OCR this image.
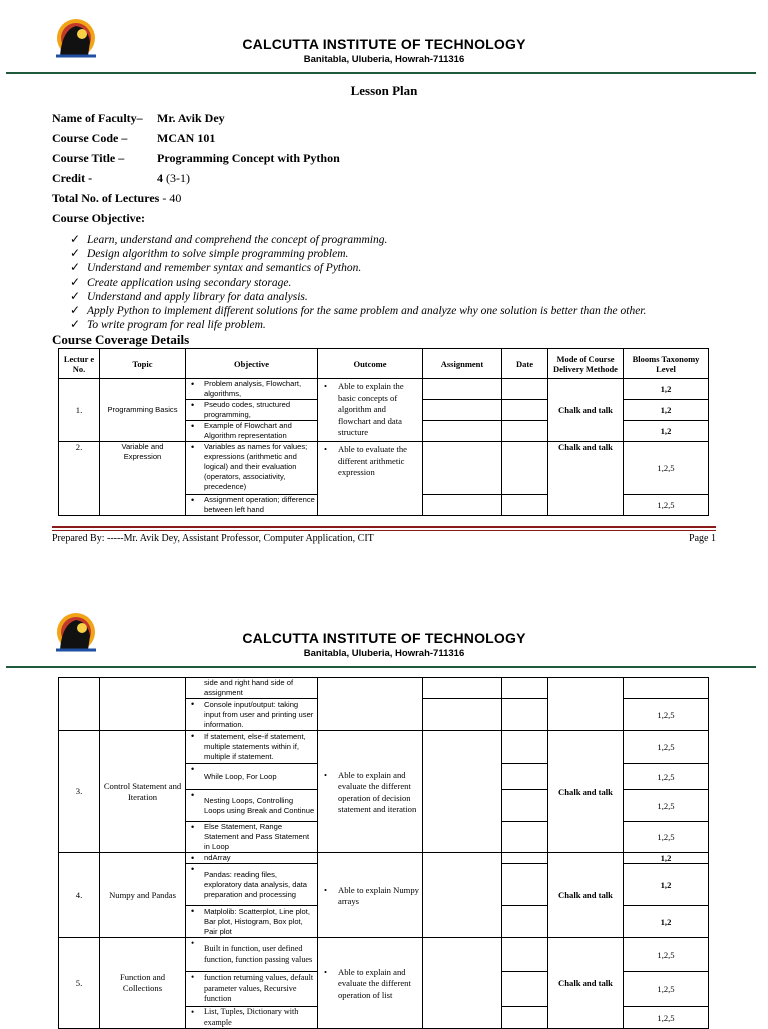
CALCUTTA INSTITUTE OF TECHNOLOGY
Banitabla, Uluberia, Howrah-711316
Lesson Plan
Name of Faculty– Mr. Avik Dey
Course Code – MCAN 101
Course Title –	Programming Concept with Python
Credit -	4 (3-1)
Total No. of Lectures - 40
Course Objective:
✓ Learn, understand and comprehend the concept of programming.
✓ Design algorithm to solve simple programming problem.
✓ Understand and remember syntax and semantics of Python.
✓ Create application using secondary storage.
✓ Understand and apply library for data analysis.
✓ Apply Python to implement different solutions for the same problem and analyze why one solution is better than the other.
✓ To write program for real life problem.
Course Coverage Details
Lectur e No.	Topic	Objective	Outcome	Assignment	Date	Mode of Course Delivery Methode	Blooms Taxonomy Level
1.	Programming Basics	• Problem analysis, Flowchart, algorithms,	• Able to explain the basic concepts of algorithm and flowchart and data structure			Chalk and talk	1,2
		• Pseudo codes, structured programming,					1,2
		• Example of Flowchart and Algorithm representation					1,2
2.	Variable and Expression	• Variables as names for values; expressions (arithmetic and logical) and their evaluation (operators, associativity, precedence)	• Able to evaluate the different arithmetic expression			Chalk and talk	1,2,5
		• Assignment operation; difference between left hand					1,2,5
Prepared By: -----Mr. Avik Dey, Assistant Professor, Computer Application, CIT	Page 1
CALCUTTA INSTITUTE OF TECHNOLOGY
Banitabla, Uluberia, Howrah-711316
		side and right hand side of assignment					
		• Console input/output: taking input from user and printing user information.					1,2,5
3.	Control Statement and Iteration	• If statement, else-if statement, multiple statements within if, multiple if statement.	• Able to explain and evaluate the different operation of decision statement and iteration			Chalk and talk	1,2,5
		• While Loop, For Loop					1,2,5
		• Nesting Loops, Controlling Loops using Break and Continue					1,2,5
		• Else Statement, Range Statement and Pass Statement in Loop					1,2,5
4.	Numpy and Pandas	• ndArray	• Able to explain Numpy arrays			Chalk and talk	1,2
		• Pandas: reading files, exploratory data analysis, data preparation and processing					1,2
		• Matplolib: Scatterplot, Line plot, Bar plot, Histogram, Box plot, Pair plot					1,2
5.	Function and Collections	• Built in function, user defined function, function passing values	• Able to explain and evaluate the different operation of list			Chalk and talk	1,2,5
		• function returning values, default parameter values, Recursive function					1,2,5
		• List, Tuples, Dictionary with example					1,2,5
